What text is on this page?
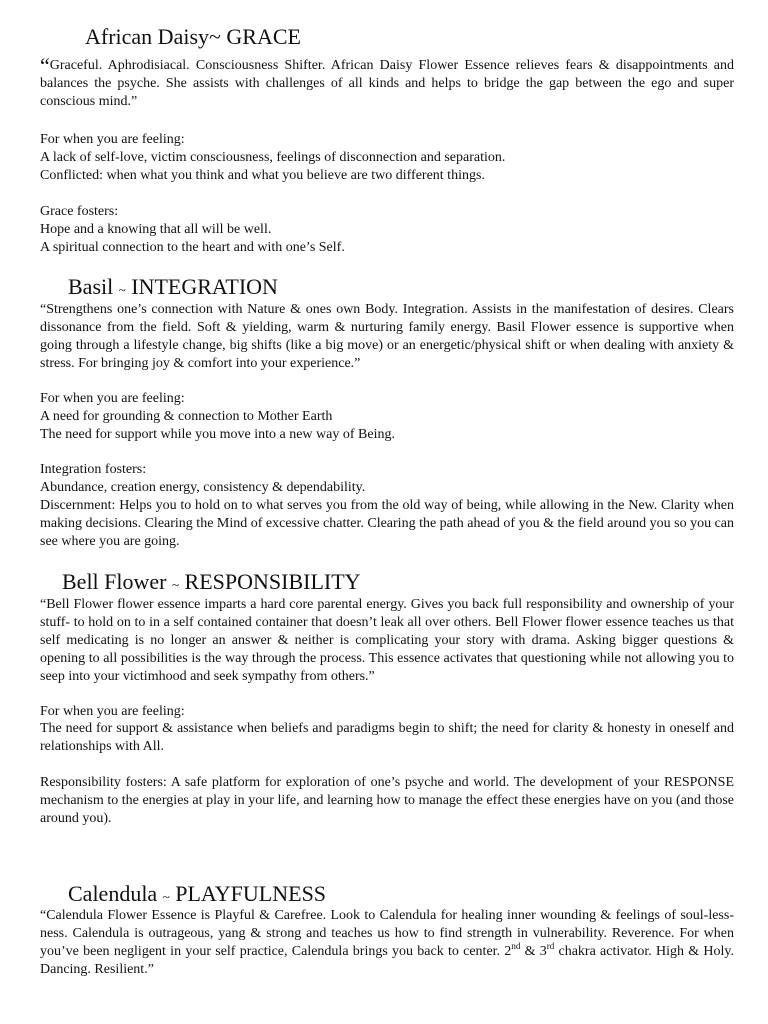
African Daisy~ GRACE
“Graceful. Aphrodisiacal. Consciousness Shifter. African Daisy Flower Essence relieves fears & disappointments and balances the psyche. She assists with challenges of all kinds and helps to bridge the gap between the ego and super conscious mind.”
For when you are feeling:
A lack of self-love, victim consciousness, feelings of disconnection and separation.
Conflicted: when what you think and what you believe are two different things.
Grace fosters:
Hope and a knowing that all will be well.
A spiritual connection to the heart and with one’s Self.
Basil ~ INTEGRATION
“Strengthens one’s connection with Nature & ones own Body. Integration. Assists in the manifestation of desires. Clears dissonance from the field. Soft & yielding, warm & nurturing family energy. Basil Flower essence is supportive when going through a lifestyle change, big shifts (like a big move) or an energetic/physical shift or when dealing with anxiety & stress. For bringing joy & comfort into your experience.”
For when you are feeling:
A need for grounding & connection to Mother Earth
The need for support while you move into a new way of Being.
Integration fosters:
Abundance, creation energy, consistency & dependability.
Discernment: Helps you to hold on to what serves you from the old way of being, while allowing in the New. Clarity when making decisions. Clearing the Mind of excessive chatter. Clearing the path ahead of you & the field around you so you can see where you are going.
Bell Flower ~ RESPONSIBILITY
“Bell Flower flower essence imparts a hard core parental energy. Gives you back full responsibility and ownership of your stuff- to hold on to in a self contained container that doesn’t leak all over others. Bell Flower flower essence teaches us that self medicating is no longer an answer & neither is complicating your story with drama. Asking bigger questions & opening to all possibilities is the way through the process. This essence activates that questioning while not allowing you to seep into your victimhood and seek sympathy from others.”
For when you are feeling:
The need for support & assistance when beliefs and paradigms begin to shift; the need for clarity & honesty in oneself and relationships with All.
Responsibility fosters: A safe platform for exploration of one’s psyche and world. The development of your RESPONSE mechanism to the energies at play in your life, and learning how to manage the effect these energies have on you (and those around you).
Calendula ~ PLAYFULNESS
“Calendula Flower Essence is Playful & Carefree. Look to Calendula for healing inner wounding & feelings of soul-less-ness. Calendula is outrageous, yang & strong and teaches us how to find strength in vulnerability. Reverence. For when you’ve been negligent in your self practice, Calendula brings you back to center. 2nd & 3rd chakra activator. High & Holy. Dancing. Resilient.”
